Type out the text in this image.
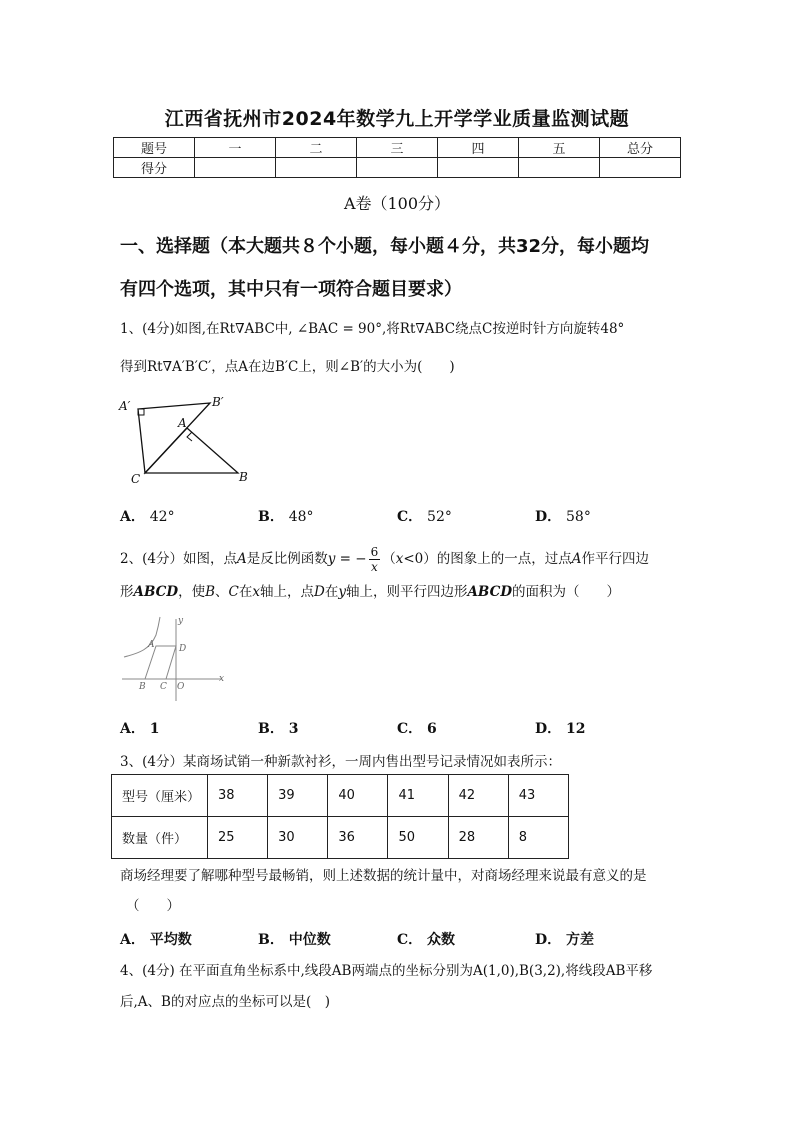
江西省抚州市2024年数学九上开学学业质量监测试题
题号	一	二	三	四	五	总分
得分						
A卷（100分）
一、选择题（本大题共８个小题，每小题４分，共32分，每小题均
有四个选项，其中只有一项符合题目要求）
1、(4分)如图,在Rt∇ABC中, ∠BAC = 90°,将Rt∇ABC绕点C按逆时针方向旋转48°
得到Rt∇A′B′C′，点A在边B′C上，则∠B′的大小为(　　)
A′	B′
A
C	B
A． 42°	B． 48°	C． 52°	D． 58°
2、(4分）如图，点A是反比例函数y = − $\frac{6}{x} (x<0)$的图象上的一点，过点A作平行四边
形ABCD，使B、C在x轴上，点D在y轴上，则平行四边形ABCD的面积为（　　）
y
A	D
B C O
x
A． 1	B． 3	C． 6	D． 12
3、(4分）某商场试销一种新款衬衫，一周内售出型号记录情况如表所示：
型号（厘米）	38	39	40	41	42	43
数量（件）	25	30	36	50	28	8
商场经理要了解哪种型号最畅销，则上述数据的统计量中，对商场经理来说最有意义的是
（　　）
A． 平均数	B． 中位数	C． 众数	D． 方差
4、(4分) 在平面直角坐标系中,线段AB两端点的坐标分别为A(1,0),B(3,2),将线段AB平移
后,A、B的对应点的坐标可以是(　)
